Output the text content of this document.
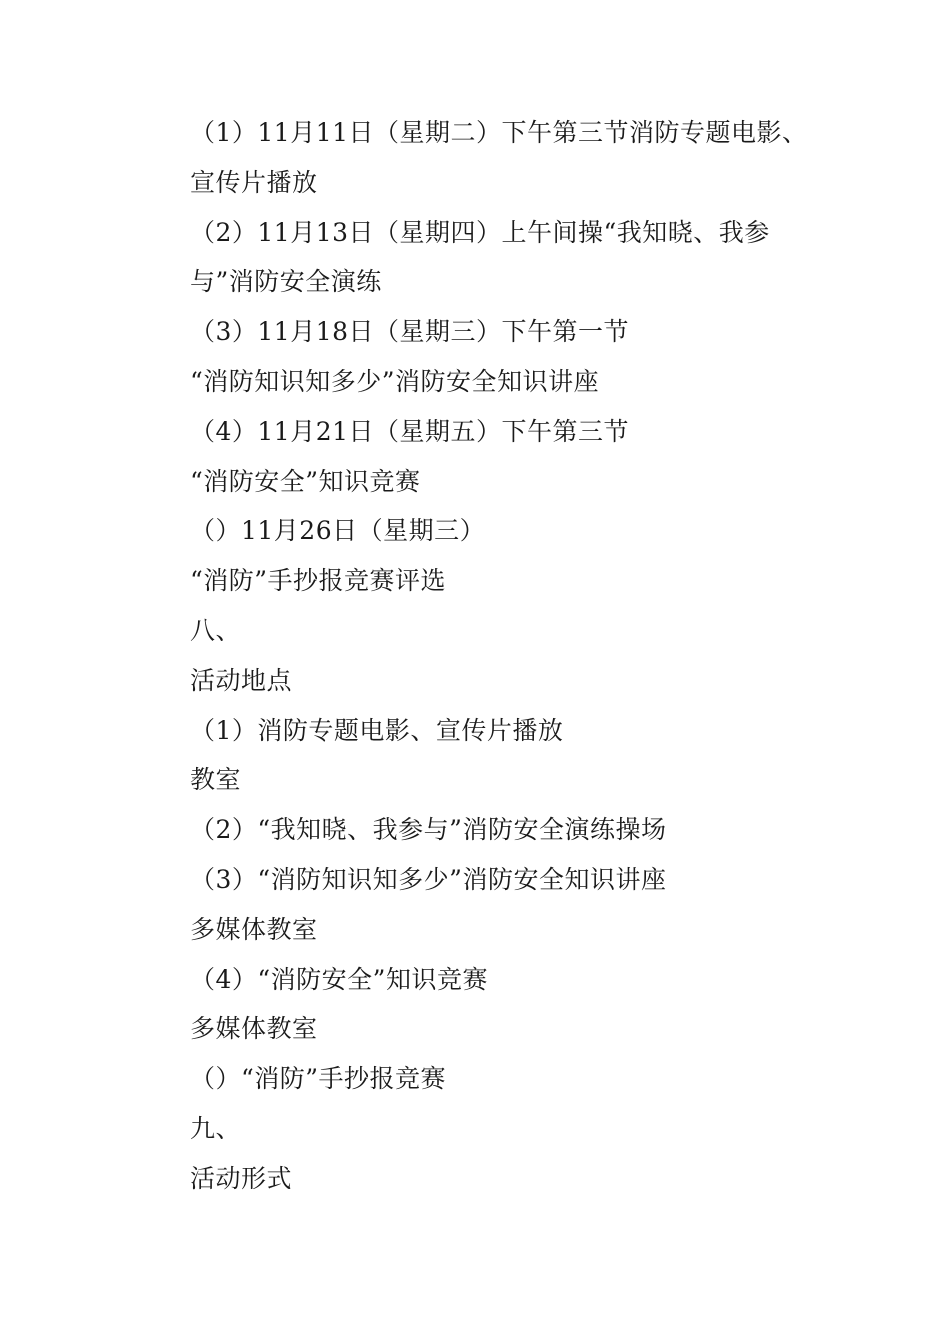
（1）11月11日（星期二）下午第三节消防专题电影、
宣传片播放
（2）11月13日（星期四）上午间操“我知晓、我参
与”消防安全演练
（3）11月18日（星期三）下午第一节
“消防知识知多少”消防安全知识讲座
（4）11月21日（星期五）下午第三节
“消防安全”知识竞赛
（）11月26日（星期三）
“消防”手抄报竞赛评选
八、
活动地点
（1）消防专题电影、宣传片播放
教室
（2）“我知晓、我参与”消防安全演练操场
（3）“消防知识知多少”消防安全知识讲座
多媒体教室
（4）“消防安全”知识竞赛
多媒体教室
（）“消防”手抄报竞赛
九、
活动形式
